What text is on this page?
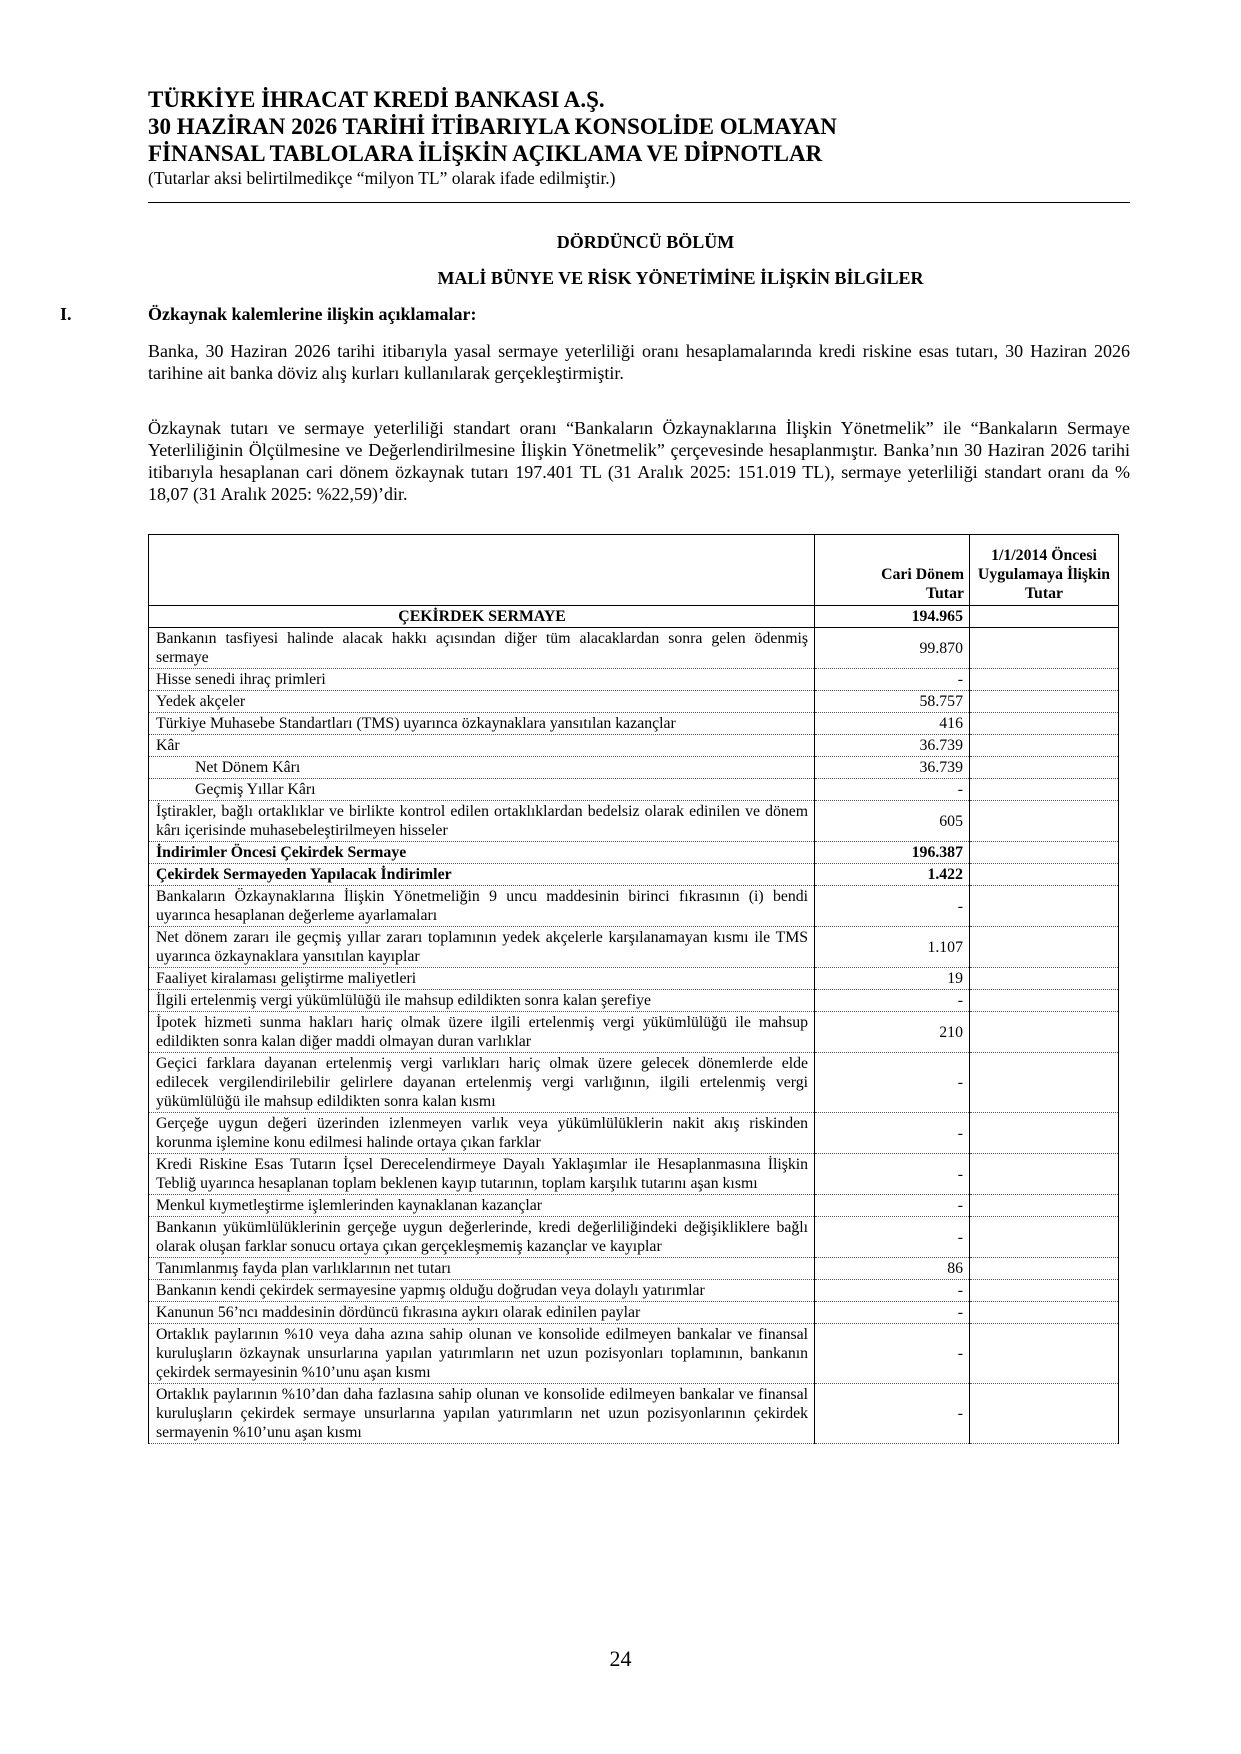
TÜRKİYE İHRACAT KREDİ BANKASI A.Ş.
30 HAZİRAN 2026 TARİHİ İTİBARIYLA KONSOLİDE OLMAYAN
FİNANSAL TABLOLARA İLİŞKİN AÇIKLAMA VE DİPNOTLAR
(Tutarlar aksi belirtilmedikçe “milyon TL” olarak ifade edilmiştir.)
DÖRDÜNCÜ BÖLÜM
MALİ BÜNYE VE RİSK YÖNETİMİNE İLİŞKİN BİLGİLER
I.	Özkaynak kalemlerine ilişkin açıklamalar:
Banka, 30 Haziran 2026 tarihi itibarıyla yasal sermaye yeterliliği oranı hesaplamalarında kredi riskine esas tutarı, 30 Haziran 2026 tarihine ait banka döviz alış kurları kullanılarak gerçekleştirmiştir.
Özkaynak tutarı ve sermaye yeterliliği standart oranı “Bankaların Özkaynaklarına İlişkin Yönetmelik” ile “Bankaların Sermaye Yeterliliğinin Ölçülmesine ve Değerlendirilmesine İlişkin Yönetmelik” çerçevesinde hesaplanmıştır. Banka’nın 30 Haziran 2026 tarihi itibarıyla hesaplanan cari dönem özkaynak tutarı 197.401 TL (31 Aralık 2025: 151.019 TL), sermaye yeterliliği standart oranı da % 18,07 (31 Aralık 2025: %22,59)’dir.

	Cari Dönem Tutar	1/1/2014 Öncesi Uygulamaya İlişkin Tutar

ÇEKİRDEK SERMAYE	194.965	
Bankanın tasfiyesi halinde alacak hakkı açısından diğer tüm alacaklardan sonra gelen ödenmiş sermaye	99.870	
Hisse senedi ihraç primleri	-	
Yedek akçeler	58.757	
Türkiye Muhasebe Standartları (TMS) uyarınca özkaynaklara yansıtılan kazançlar	416	
Kâr	36.739	
Net Dönem Kârı	36.739	
Geçmiş Yıllar Kârı	-	
İştirakler, bağlı ortaklıklar ve birlikte kontrol edilen ortaklıklardan bedelsiz olarak edinilen ve dönem kârı içerisinde muhasebeleştirilmeyen hisseler	605	
İndirimler Öncesi Çekirdek Sermaye	196.387	
Çekirdek Sermayeden Yapılacak İndirimler	1.422	
Bankaların Özkaynaklarına İlişkin Yönetmeliğin 9 uncu maddesinin birinci fıkrasının (i) bendi uyarınca hesaplanan değerleme ayarlamaları	-	
Net dönem zararı ile geçmiş yıllar zararı toplamının yedek akçelerle karşılanamayan kısmı ile TMS uyarınca özkaynaklara yansıtılan kayıplar	1.107	
Faaliyet kiralaması geliştirme maliyetleri	19	
İlgili ertelenmiş vergi yükümlülüğü ile mahsup edildikten sonra kalan şerefiye	-	
İpotek hizmeti sunma hakları hariç olmak üzere ilgili ertelenmiş vergi yükümlülüğü ile mahsup edildikten sonra kalan diğer maddi olmayan duran varlıklar	210	
Geçici farklara dayanan ertelenmiş vergi varlıkları hariç olmak üzere gelecek dönemlerde elde edilecek vergilendirilebilir gelirlere dayanan ertelenmiş vergi varlığının, ilgili ertelenmiş vergi yükümlülüğü ile mahsup edildikten sonra kalan kısmı	-	
Gerçeğe uygun değeri üzerinden izlenmeyen varlık veya yükümlülüklerin nakit akış riskinden korunma işlemine konu edilmesi halinde ortaya çıkan farklar	-	
Kredi Riskine Esas Tutarın İçsel Derecelendirmeye Dayalı Yaklaşımlar ile Hesaplanmasına İlişkin Tebliğ uyarınca hesaplanan toplam beklenen kayıp tutarının, toplam karşılık tutarını aşan kısmı	-	
Menkul kıymetleştirme işlemlerinden kaynaklanan kazançlar	-	
Bankanın yükümlülüklerinin gerçeğe uygun değerlerinde, kredi değerliliğindeki değişikliklere bağlı olarak oluşan farklar sonucu ortaya çıkan gerçekleşmemiş kazançlar ve kayıplar	-	
Tanımlanmış fayda plan varlıklarının net tutarı	86	
Bankanın kendi çekirdek sermayesine yapmış olduğu doğrudan veya dolaylı yatırımlar	-	
Kanunun 56’ncı maddesinin dördüncü fıkrasına aykırı olarak edinilen paylar	-	
Ortaklık paylarının %10 veya daha azına sahip olunan ve konsolide edilmeyen bankalar ve finansal kuruluşların özkaynak unsurlarına yapılan yatırımların net uzun pozisyonları toplamının, bankanın çekirdek sermayesinin %10’unu aşan kısmı	-	
Ortaklık paylarının %10’dan daha fazlasına sahip olunan ve konsolide edilmeyen bankalar ve finansal kuruluşların çekirdek sermaye unsurlarına yapılan yatırımların net uzun pozisyonlarının çekirdek sermayenin %10’unu aşan kısmı	-	
24
